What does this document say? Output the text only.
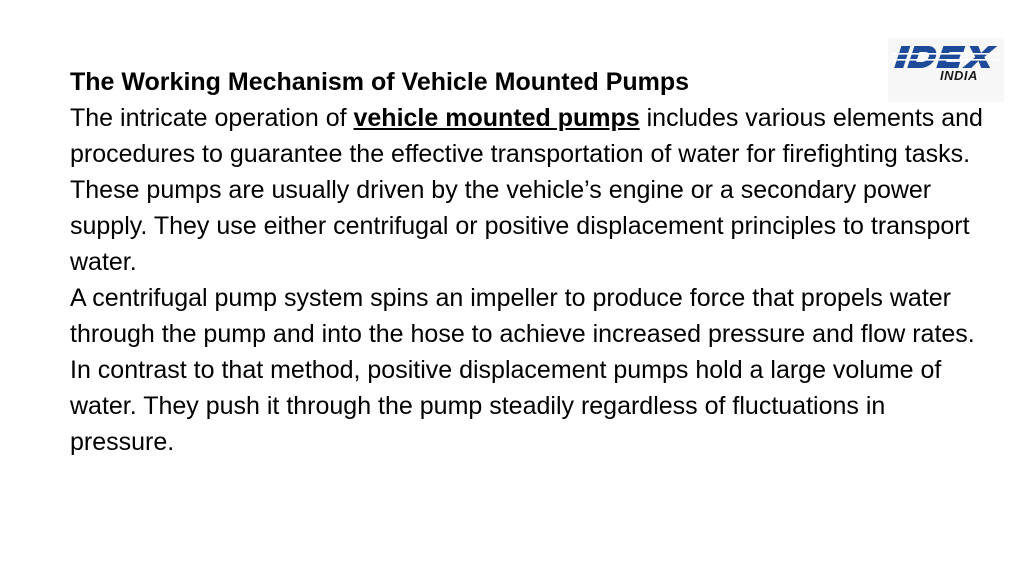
INDIA

The Working Mechanism of Vehicle Mounted Pumps

The intricate operation of vehicle mounted pumps includes various elements and procedures to guarantee the effective transportation of water for firefighting tasks.

These pumps are usually driven by the vehicle’s engine or a secondary power supply. They use either centrifugal or positive displacement principles to transport water.

A centrifugal pump system spins an impeller to produce force that propels water through the pump and into the hose to achieve increased pressure and flow rates.

In contrast to that method, positive displacement pumps hold a large volume of water. They push it through the pump steadily regardless of fluctuations in pressure.
